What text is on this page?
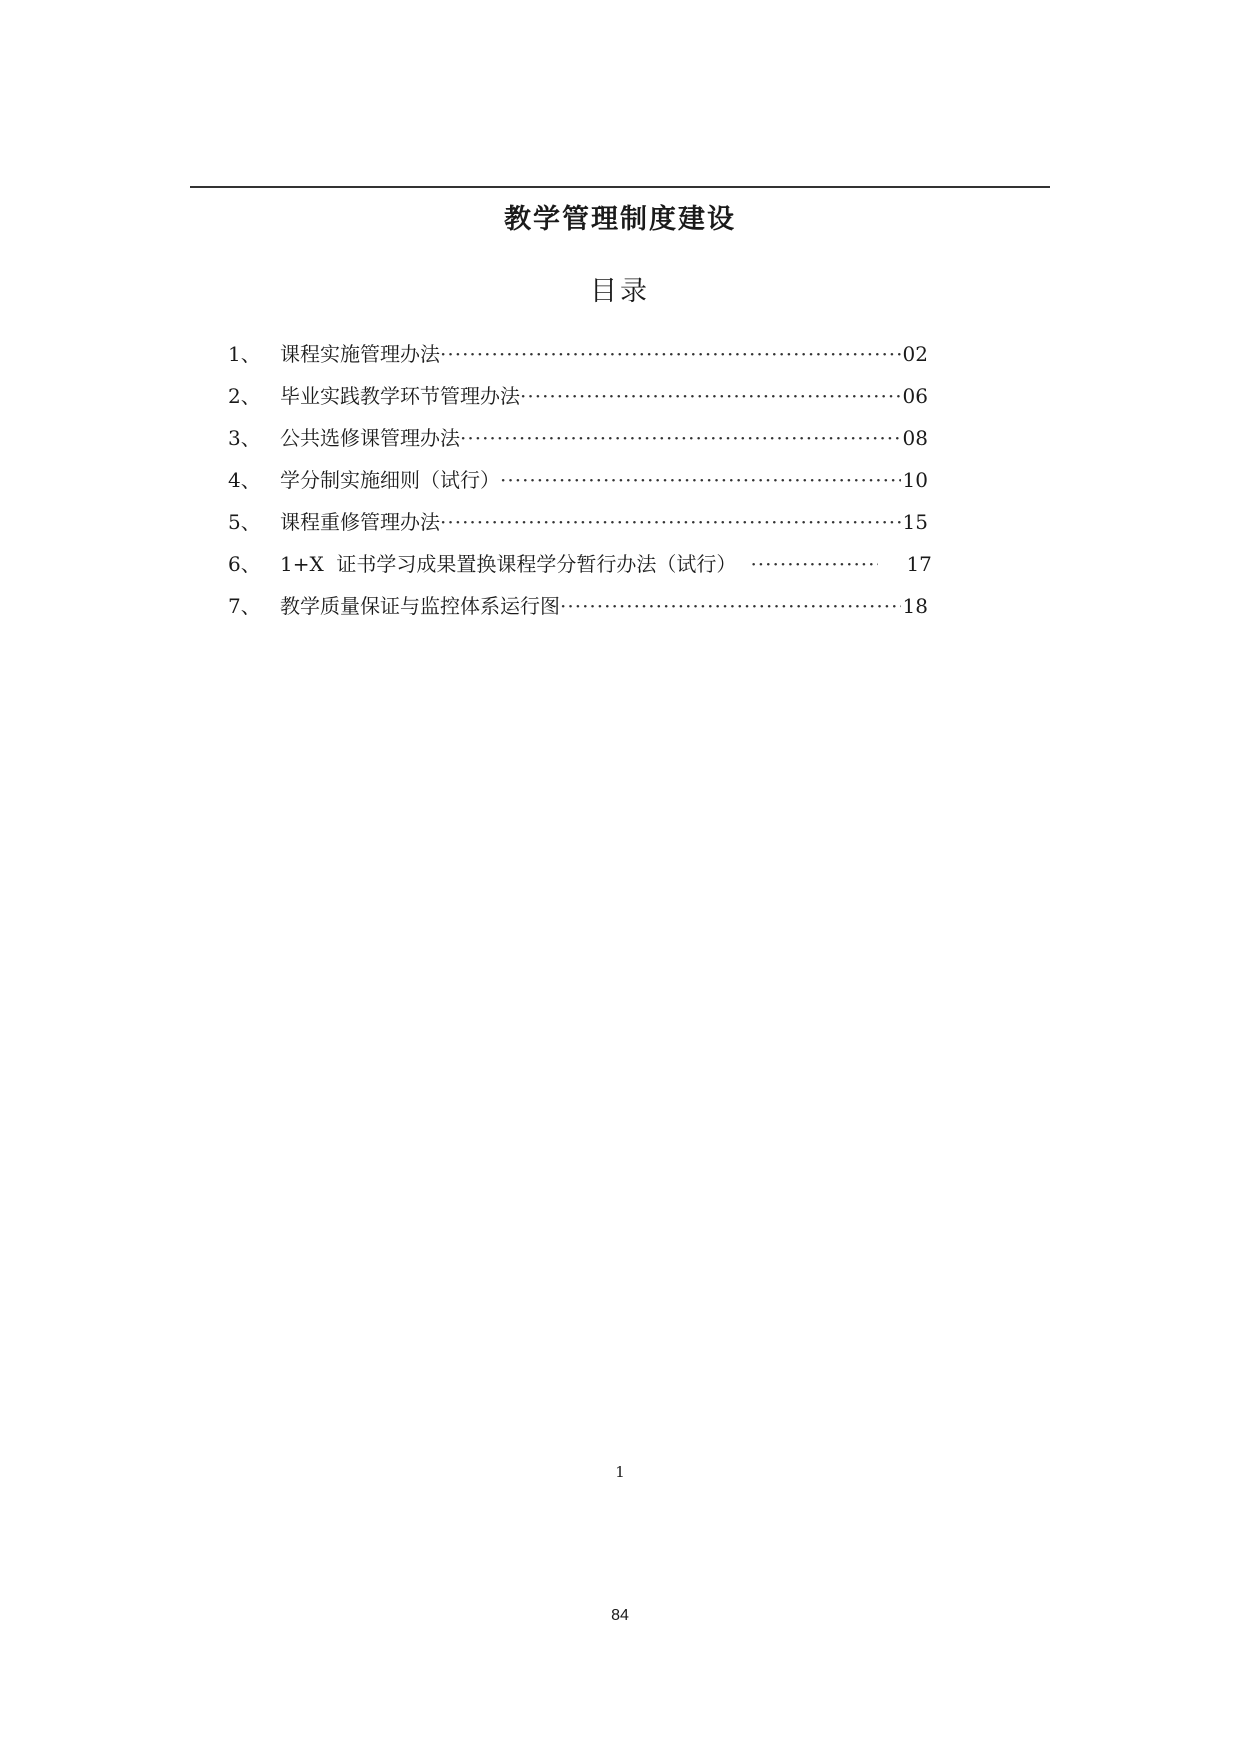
教学管理制度建设
目录
1、 课程实施管理办法 ·····	02
2、 毕业实践教学环节管理办法 ·····	06
3、 公共选修课管理办法 ·····	08
4、 学分制实施细则（试行） ·····	10
5、 课程重修管理办法 ·····	15
6、 1+X  证书学习成果置换课程学分暂行办法（试行） ·····	17
7、 教学质量保证与监控体系运行图 ·····	18
1
84
